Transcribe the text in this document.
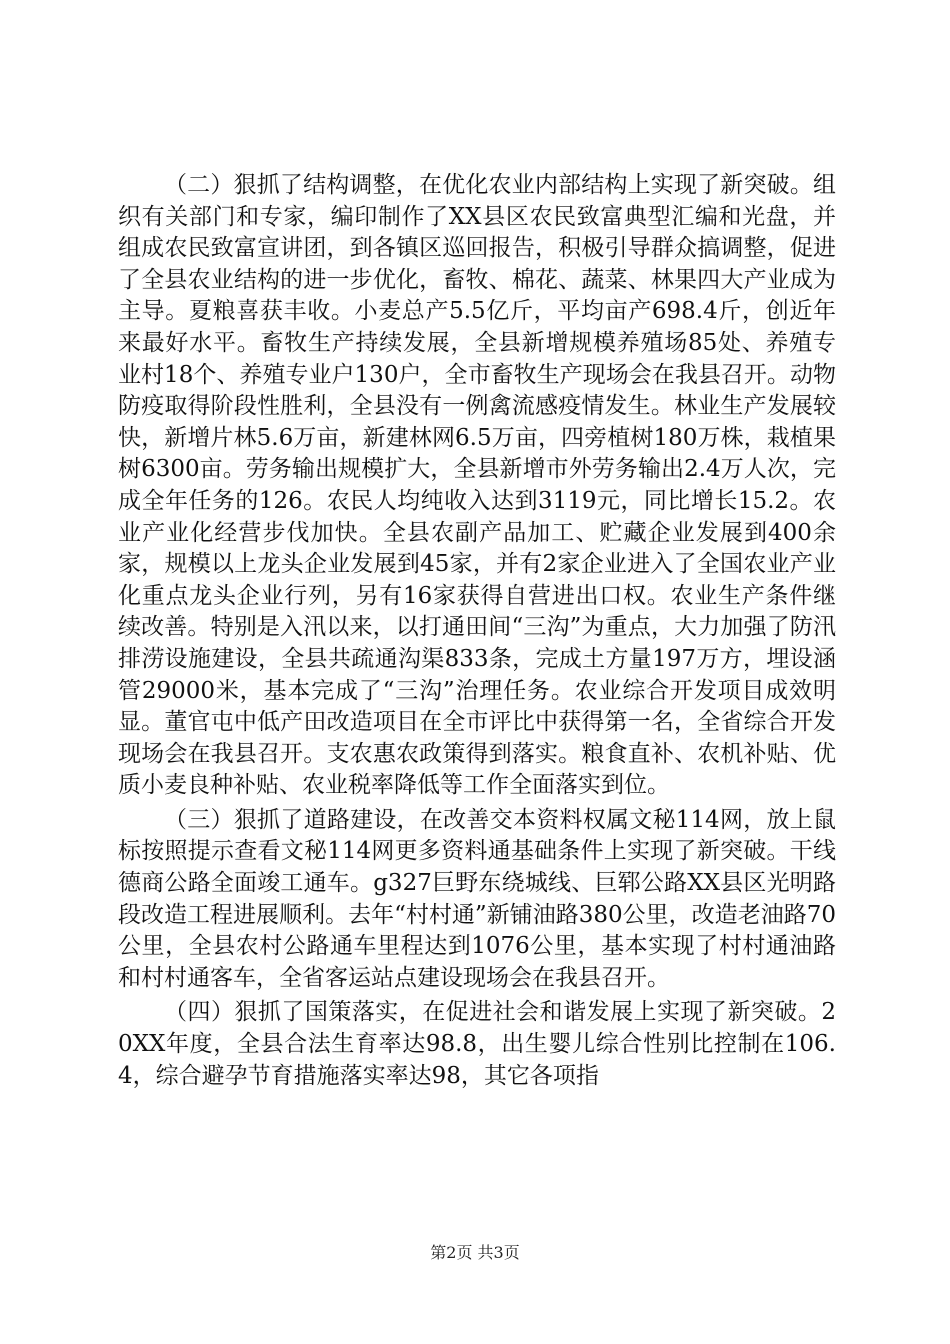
（二）狠抓了结构调整，在优化农业内部结构上实现了新突破。组织有关部门和专家，编印制作了XX县区农民致富典型汇编和光盘，并组成农民致富宣讲团，到各镇区巡回报告，积极引导群众搞调整，促进了全县农业结构的进一步优化，畜牧、棉花、蔬菜、林果四大产业成为主导。夏粮喜获丰收。小麦总产5.5亿斤，平均亩产698.4斤，创近年来最好水平。畜牧生产持续发展，全县新增规模养殖场85处、养殖专业村18个、养殖专业户130户，全市畜牧生产现场会在我县召开。动物防疫取得阶段性胜利，全县没有一例禽流感疫情发生。林业生产发展较快，新增片林5.6万亩，新建林网6.5万亩，四旁植树180万株，栽植果树6300亩。劳务输出规模扩大，全县新增市外劳务输出2.4万人次，完成全年任务的126。农民人均纯收入达到3119元，同比增长15.2。农业产业化经营步伐加快。全县农副产品加工、贮藏企业发展到400余家，规模以上龙头企业发展到45家，并有2家企业进入了全国农业产业化重点龙头企业行列，另有16家获得自营进出口权。农业生产条件继续改善。特别是入汛以来，以打通田间“三沟”为重点，大力加强了防汛排涝设施建设，全县共疏通沟渠833条，完成土方量197万方，埋设涵管29000米，基本完成了“三沟”治理任务。农业综合开发项目成效明显。董官屯中低产田改造项目在全市评比中获得第一名，全省综合开发现场会在我县召开。支农惠农政策得到落实。粮食直补、农机补贴、优质小麦良种补贴、农业税率降低等工作全面落实到位。

（三）狠抓了道路建设，在改善交本资料权属文秘114网，放上鼠标按照提示查看文秘114网更多资料通基础条件上实现了新突破。干线德商公路全面竣工通车。g327巨野东绕城线、巨郓公路XX县区光明路段改造工程进展顺利。去年“村村通”新铺油路380公里，改造老油路70公里，全县农村公路通车里程达到1076公里，基本实现了村村通油路和村村通客车，全省客运站点建设现场会在我县召开。

（四）狠抓了国策落实，在促进社会和谐发展上实现了新突破。20XX年度，全县合法生育率达98.8，出生婴儿综合性别比控制在106.4，综合避孕节育措施落实率达98，其它各项指

第2页 共3页
